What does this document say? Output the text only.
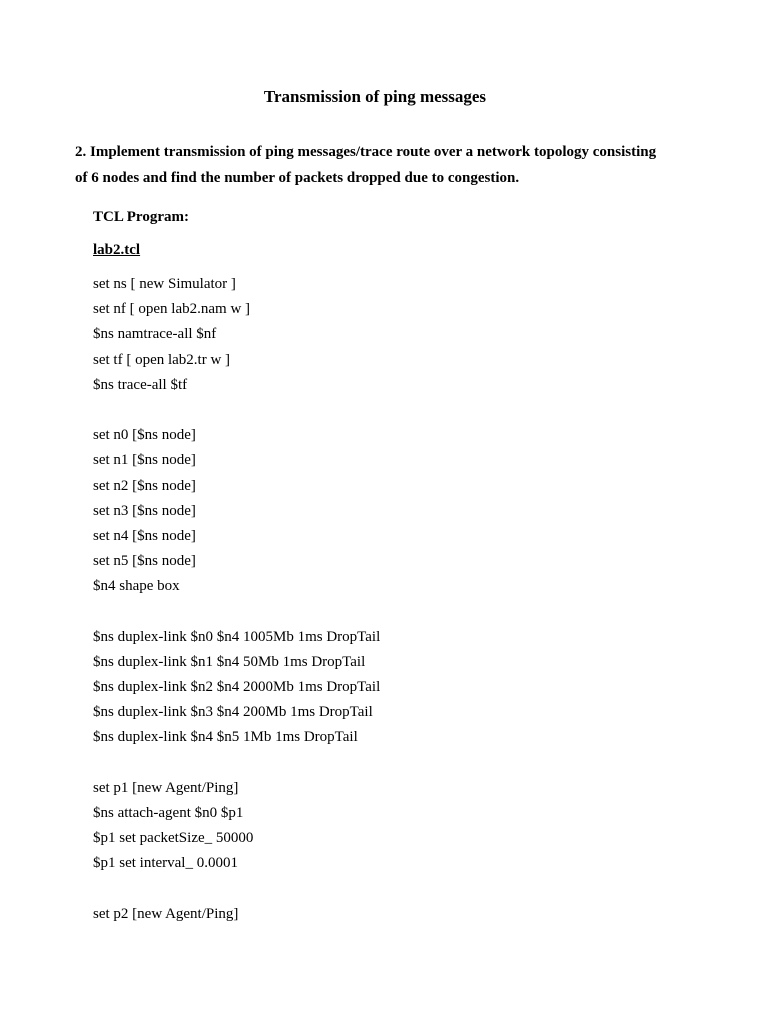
Transmission of ping messages
2. Implement transmission of ping messages/trace route over a network topology consisting
of 6 nodes and find the number of packets dropped due to congestion.
TCL Program:
lab2.tcl
set ns [ new Simulator ]
set nf [ open lab2.nam w ]
$ns namtrace-all $nf
set tf [ open lab2.tr w ]
$ns trace-all $tf
set n0 [$ns node]
set n1 [$ns node]
set n2 [$ns node]
set n3 [$ns node]
set n4 [$ns node]
set n5 [$ns node]
$n4 shape box
$ns duplex-link $n0 $n4 1005Mb 1ms DropTail
$ns duplex-link $n1 $n4 50Mb 1ms DropTail
$ns duplex-link $n2 $n4 2000Mb 1ms DropTail
$ns duplex-link $n3 $n4 200Mb 1ms DropTail
$ns duplex-link $n4 $n5 1Mb 1ms DropTail
set p1 [new Agent/Ping]
$ns attach-agent $n0 $p1
$p1 set packetSize_ 50000
$p1 set interval_ 0.0001
set p2 [new Agent/Ping]
